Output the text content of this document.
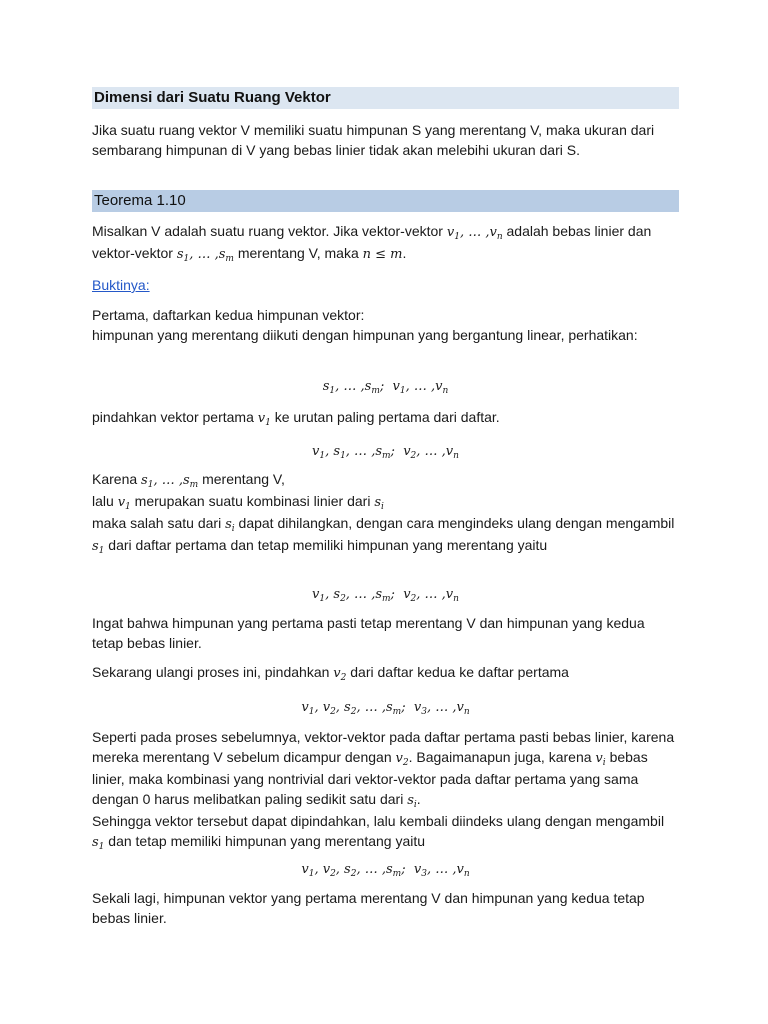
Dimensi dari Suatu Ruang Vektor

Jika suatu ruang vektor V memiliki suatu himpunan S yang merentang V, maka ukuran dari sembarang himpunan di V yang bebas linier tidak akan melebihi ukuran dari S.

Teorema 1.10

Misalkan V adalah suatu ruang vektor. Jika vektor-vektor $v_1$, … $,v_n$ adalah bebas linier dan vektor-vektor $s_1$, … $,s_m$ merentang V, maka n ≤ m.

Buktinya:

Pertama, daftarkan kedua himpunan vektor:
himpunan yang merentang diikuti dengan himpunan yang bergantung linear, perhatikan:

$s_1$, … $,s_m$;  $v_1$, … $,v_n$

pindahkan vektor pertama $v_1$ ke urutan paling pertama dari daftar.

$v_1$, $s_1$, … $,s_m$;  $v_2$, … $,v_n$

Karena $s_1$, … $,s_m$ merentang V,
lalu $v_1$ merupakan suatu kombinasi linier dari $s_i$
maka salah satu dari $s_i$ dapat dihilangkan, dengan cara mengindeks ulang dengan mengambil $s_1$ dari daftar pertama dan tetap memiliki himpunan yang merentang yaitu

$v_1$, $s_2$, … $,s_m$;  $v_2$, … $,v_n$

Ingat bahwa himpunan yang pertama pasti tetap merentang V dan himpunan yang kedua tetap bebas linier.

Sekarang ulangi proses ini, pindahkan $v_2$ dari daftar kedua ke daftar pertama

$v_1$, $v_2$, $s_2$, … $,s_m$;  $v_3$, … $,v_n$

Seperti pada proses sebelumnya, vektor-vektor pada daftar pertama pasti bebas linier, karena mereka merentang V sebelum dicampur dengan $v_2$. Bagaimanapun juga, karena $v_i$ bebas linier, maka kombinasi yang nontrivial dari vektor-vektor pada daftar pertama yang sama dengan 0 harus melibatkan paling sedikit satu dari $s_i$.
Sehingga vektor tersebut dapat dipindahkan, lalu kembali diindeks ulang dengan mengambil $s_1$ dan tetap memiliki himpunan yang merentang yaitu

$v_1$, $v_2$, $s_2$, … $,s_m$;  $v_3$, … $,v_n$

Sekali lagi, himpunan vektor yang pertama merentang V dan himpunan yang kedua tetap bebas linier.
